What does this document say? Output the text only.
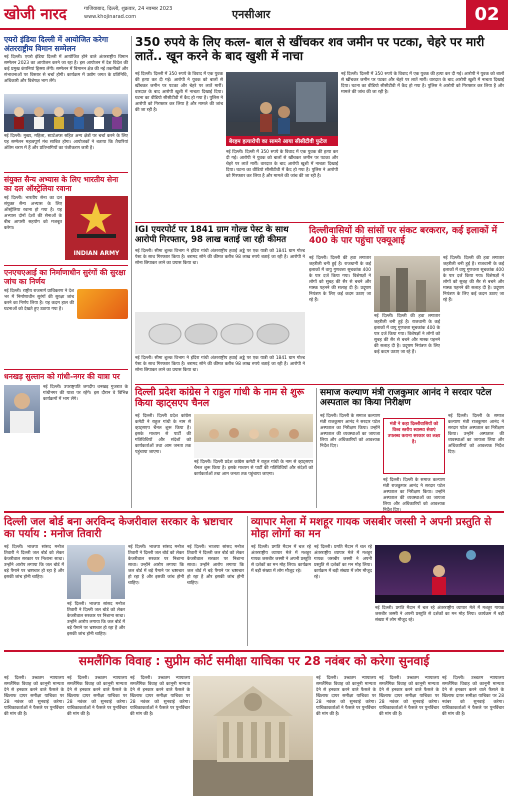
खोजी नारद	गाजियाबाद, दिल्ली, शुक्रवार, 24 नवम्बर 2023
www.khojinarad.com	एनसीआर	02
एयरो इंडिया दिल्ली में आयोजित करेगा अंतरराष्ट्रीय विमान सम्मेलन
नई दिल्ली। एयरो इंडिया दिल्ली में आयोजित होने वाले अंतरराष्ट्रीय विमान सम्मेलन 2023 का आयोजन करने जा रहा है। इस आयोजन में देश विदेश की कई प्रमुख कंपनियां हिस्सा लेंगी। सम्मेलन में विमानन क्षेत्र की नई तकनीकों और संभावनाओं पर विस्तार से चर्चा होगी। कार्यक्रम में उद्योग जगत के प्रतिनिधि, अधिकारी और विशेषज्ञ भाग लेंगे।
नई दिल्ली। मुख्य, महिला, स्टार्टअप्स सहित अन्य क्षेत्रों पर चर्चा करने के लिए यह सम्मेलन महत्वपूर्ण मंच साबित होगा। आयोजकों ने बताया कि तैयारियां अंतिम चरण में हैं और प्रतिभागियों का पंजीकरण जारी है।
संयुक्त सैन्य अभ्यास के लिए भारतीय सेना का दल ऑस्ट्रेलिया रवाना
नई दिल्ली। भारतीय सेना का दल संयुक्त सैन्य अभ्यास के लिए ऑस्ट्रेलिया रवाना हो गया है। यह अभ्यास दोनों देशों की सेनाओं के बीच आपसी सहयोग को मजबूत करेगा।
INDIAN ARMY
एनएचएआई का निर्माणाधीन सुरंगों की सुरक्षा जांच का निर्णय
नई दिल्ली। राष्ट्रीय राजमार्ग प्राधिकरण ने देश भर में निर्माणाधीन सुरंगों की सुरक्षा जांच करने का निर्णय लिया है। यह कदम हाल की घटनाओं को देखते हुए उठाया गया है।
धनखड़ सुल्तान को गांधी-नगर की यात्रा पर
नई दिल्ली। उपराष्ट्रपति जगदीप धनखड़ गुजरात के गांधीनगर की यात्रा पर रहेंगे। इस दौरान वे विभिन्न कार्यक्रमों में भाग लेंगे।
350 रुपये के लिए कत्ल- बाल से खींचकर शव जमीन पर पटका, चेहरे पर मारी लातें.. खून करने के बाद खुशी में नाचा
नई दिल्ली। दिल्ली में 350 रुपये के विवाद में एक युवक की हत्या कर दी गई। आरोपी ने युवक को बालों से खींचकर जमीन पर पटका और चेहरे पर लातें मारीं। वारदात के बाद आरोपी खुशी में नाचता दिखाई दिया। घटना का वीडियो सीसीटीवी में कैद हो गया है। पुलिस ने आरोपी को गिरफ्तार कर लिया है और मामले की जांच की जा रही है।
बेरहम हत्यारोपी का सामने आया सीसीटीवी फुटेज
नई दिल्ली। दिल्ली में 350 रुपये के विवाद में एक युवक की हत्या कर दी गई। आरोपी ने युवक को बालों से खींचकर जमीन पर पटका और चेहरे पर लातें मारीं। वारदात के बाद आरोपी खुशी में नाचता दिखाई दिया। घटना का वीडियो सीसीटीवी में कैद हो गया है। पुलिस ने आरोपी को गिरफ्तार कर लिया है और मामले की जांच की जा रही है।
नई दिल्ली। दिल्ली में 350 रुपये के विवाद में एक युवक की हत्या कर दी गई। आरोपी ने युवक को बालों से खींचकर जमीन पर पटका और चेहरे पर लातें मारीं। वारदात के बाद आरोपी खुशी में नाचता दिखाई दिया। घटना का वीडियो सीसीटीवी में कैद हो गया है। पुलिस ने आरोपी को गिरफ्तार कर लिया है और मामले की जांच की जा रही है।
IGI एयरपोर्ट पर 1841 ग्राम गोल्ड पेस्ट के साथ आरोपी गिरफ्तार, 98 लाख बताई जा रही कीमत
नई दिल्ली। सीमा शुल्क विभाग ने इंदिरा गांधी अंतरराष्ट्रीय हवाई अड्डे पर एक यात्री को 1841 ग्राम गोल्ड पेस्ट के साथ गिरफ्तार किया है। बरामद सोने की कीमत करीब 98 लाख रुपये बताई जा रही है। आरोपी ने सोना छिपाकर लाने का प्रयास किया था।
नई दिल्ली। सीमा शुल्क विभाग ने इंदिरा गांधी अंतरराष्ट्रीय हवाई अड्डे पर एक यात्री को 1841 ग्राम गोल्ड पेस्ट के साथ गिरफ्तार किया है। बरामद सोने की कीमत करीब 98 लाख रुपये बताई जा रही है। आरोपी ने सोना छिपाकर लाने का प्रयास किया था।
दिल्लीवासियों की सांसों पर संकट बरकरार, कई इलाकों में 400 के पार पहुंचा एक्यूआई
नई दिल्ली। दिल्ली की हवा लगातार जहरीली बनी हुई है। राजधानी के कई इलाकों में वायु गुणवत्ता सूचकांक 400 के पार दर्ज किया गया। विशेषज्ञों ने लोगों को सुबह की सैर से बचने और मास्क पहनने की सलाह दी है। प्रदूषण नियंत्रण के लिए कई कदम उठाए जा रहे हैं।
नई दिल्ली। दिल्ली की हवा लगातार जहरीली बनी हुई है। राजधानी के कई इलाकों में वायु गुणवत्ता सूचकांक 400 के पार दर्ज किया गया। विशेषज्ञों ने लोगों को सुबह की सैर से बचने और मास्क पहनने की सलाह दी है। प्रदूषण नियंत्रण के लिए कई कदम उठाए जा रहे हैं।
नई दिल्ली। दिल्ली की हवा लगातार जहरीली बनी हुई है। राजधानी के कई इलाकों में वायु गुणवत्ता सूचकांक 400 के पार दर्ज किया गया। विशेषज्ञों ने लोगों को सुबह की सैर से बचने और मास्क पहनने की सलाह दी है। प्रदूषण नियंत्रण के लिए कई कदम उठाए जा रहे हैं।
दिल्ली प्रदेश कांग्रेस ने राहुल गांधी के नाम से शुरू किया व्हाट्सएप चैनल
नई दिल्ली। दिल्ली प्रदेश कांग्रेस कमेटी ने राहुल गांधी के नाम से व्हाट्सएप चैनल शुरू किया है। इसके माध्यम से पार्टी की गतिविधियों और संदेशों को कार्यकर्ताओं तथा आम जनता तक पहुंचाया जाएगा।
नई दिल्ली। दिल्ली प्रदेश कांग्रेस कमेटी ने राहुल गांधी के नाम से व्हाट्सएप चैनल शुरू किया है। इसके माध्यम से पार्टी की गतिविधियों और संदेशों को कार्यकर्ताओं तथा आम जनता तक पहुंचाया जाएगा।
समाज कल्याण मंत्री राजकुमार आनंद ने सरदार पटेल अस्पताल का किया निरीक्षण
नई दिल्ली। दिल्ली के समाज कल्याण मंत्री राजकुमार आनंद ने सरदार पटेल अस्पताल का निरीक्षण किया। उन्होंने अस्पताल की व्यवस्थाओं का जायजा लिया और अधिकारियों को आवश्यक निर्देश दिए।
मंत्री ने कहा दिल्लीवासियों को विश्व स्तरीय स्वास्थ्य सेवाएं उपलब्ध कराना सरकार का लक्ष्य है।
नई दिल्ली। दिल्ली के समाज कल्याण मंत्री राजकुमार आनंद ने सरदार पटेल अस्पताल का निरीक्षण किया। उन्होंने अस्पताल की व्यवस्थाओं का जायजा लिया और अधिकारियों को आवश्यक
नई दिल्ली। दिल्ली के समाज कल्याण मंत्री राजकुमार आनंद ने सरदार पटेल अस्पताल का निरीक्षण किया। उन्होंने अस्पताल की व्यवस्थाओं का जायजा लिया और अधिकारियों को आवश्यक निर्देश दिए।
दिल्ली जल बोर्ड बना अरविन्द केजरीवाल सरकार के भ्रष्टाचार का पर्याय : मनोज तिवारी
नई दिल्ली। भाजपा सांसद मनोज तिवारी ने दिल्ली जल बोर्ड को लेकर केजरीवाल सरकार पर निशाना साधा। उन्होंने आरोप लगाया कि जल बोर्ड में बड़े पैमाने पर भ्रष्टाचार हो रहा है और इसकी जांच होनी चाहिए।
नई दिल्ली। भाजपा सांसद मनोज तिवारी ने दिल्ली जल बोर्ड को लेकर केजरीवाल सरकार पर निशाना साधा। उन्होंने आरोप लगाया कि जल बोर्ड में बड़े पैमाने पर भ्रष्टाचार हो रहा है और इसकी जांच होनी चाहिए।
नई दिल्ली। भाजपा सांसद मनोज तिवारी ने दिल्ली जल बोर्ड को लेकर केजरीवाल सरकार पर निशाना साधा। उन्होंने आरोप लगाया कि जल बोर्ड में बड़े पैमाने पर भ्रष्टाचार हो रहा है और इसकी जांच होनी चाहिए।
नई दिल्ली। भाजपा सांसद मनोज तिवारी ने दिल्ली जल बोर्ड को लेकर केजरीवाल सरकार पर निशाना साधा। उन्होंने आरोप लगाया कि जल बोर्ड में बड़े पैमाने पर भ्रष्टाचार हो रहा है और इसकी जांच होनी चाहिए।
व्यापार मेला में मशहूर गायक जसबीर जस्सी ने अपनी प्रस्तुति से मोहा लोगों का मन
नई दिल्ली। प्रगति मैदान में चल रहे अंतरराष्ट्रीय व्यापार मेले में मशहूर गायक जसबीर जस्सी ने अपनी प्रस्तुति से दर्शकों का मन मोह लिया। कार्यक्रम में बड़ी संख्या में लोग मौजूद रहे।
नई दिल्ली। प्रगति मैदान में चल रहे अंतरराष्ट्रीय व्यापार मेले में मशहूर गायक जसबीर जस्सी ने अपनी प्रस्तुति से दर्शकों का मन मोह लिया। कार्यक्रम में बड़ी संख्या में लोग मौजूद रहे।
नई दिल्ली। प्रगति मैदान में चल रहे अंतरराष्ट्रीय व्यापार मेले में मशहूर गायक जसबीर जस्सी ने अपनी प्रस्तुति से दर्शकों का मन मोह लिया। कार्यक्रम में बड़ी संख्या में लोग मौजूद रहे।
समलैंगिक विवाह : सुप्रीम कोर्ट समीक्षा याचिका पर 28 नवंबर को करेगा सुनवाई
नई दिल्ली। उच्चतम न्यायालय समलैंगिक विवाह को कानूनी मान्यता देने से इनकार करने वाले फैसले के खिलाफ दायर समीक्षा याचिका पर 28 नवंबर को सुनवाई करेगा। याचिकाकर्ताओं ने फैसले पर पुनर्विचार की मांग की है।
नई दिल्ली। उच्चतम न्यायालय समलैंगिक विवाह को कानूनी मान्यता देने से इनकार करने वाले फैसले के खिलाफ दायर समीक्षा याचिका पर 28 नवंबर को सुनवाई करेगा। याचिकाकर्ताओं ने फैसले पर पुनर्विचार की मांग की है।
नई दिल्ली। उच्चतम न्यायालय समलैंगिक विवाह को कानूनी मान्यता देने से इनकार करने वाले फैसले के खिलाफ दायर समीक्षा याचिका पर 28 नवंबर को सुनवाई करेगा। याचिकाकर्ताओं ने फैसले पर पुनर्विचार की मांग की है।
नई दिल्ली। उच्चतम न्यायालय समलैंगिक विवाह को कानूनी मान्यता देने से इनकार करने वाले फैसले के खिलाफ दायर समीक्षा याचिका पर 28 नवंबर को सुनवाई करेगा। याचिकाकर्ताओं ने फैसले पर पुनर्विचार की मांग की है।
नई दिल्ली। उच्चतम न्यायालय समलैंगिक विवाह को कानूनी मान्यता देने से इनकार करने वाले फैसले के खिलाफ दायर समीक्षा याचिका पर 28 नवंबर को सुनवाई करेगा। याचिकाकर्ताओं ने फैसले पर पुनर्विचार की मांग की है।
नई दिल्ली। उच्चतम न्यायालय समलैंगिक विवाह को कानूनी मान्यता देने से इनकार करने वाले फैसले के खिलाफ दायर समीक्षा याचिका पर 28 नवंबर को सुनवाई करेगा। याचिकाकर्ताओं ने फैसले पर पुनर्विचार की मांग की है।
